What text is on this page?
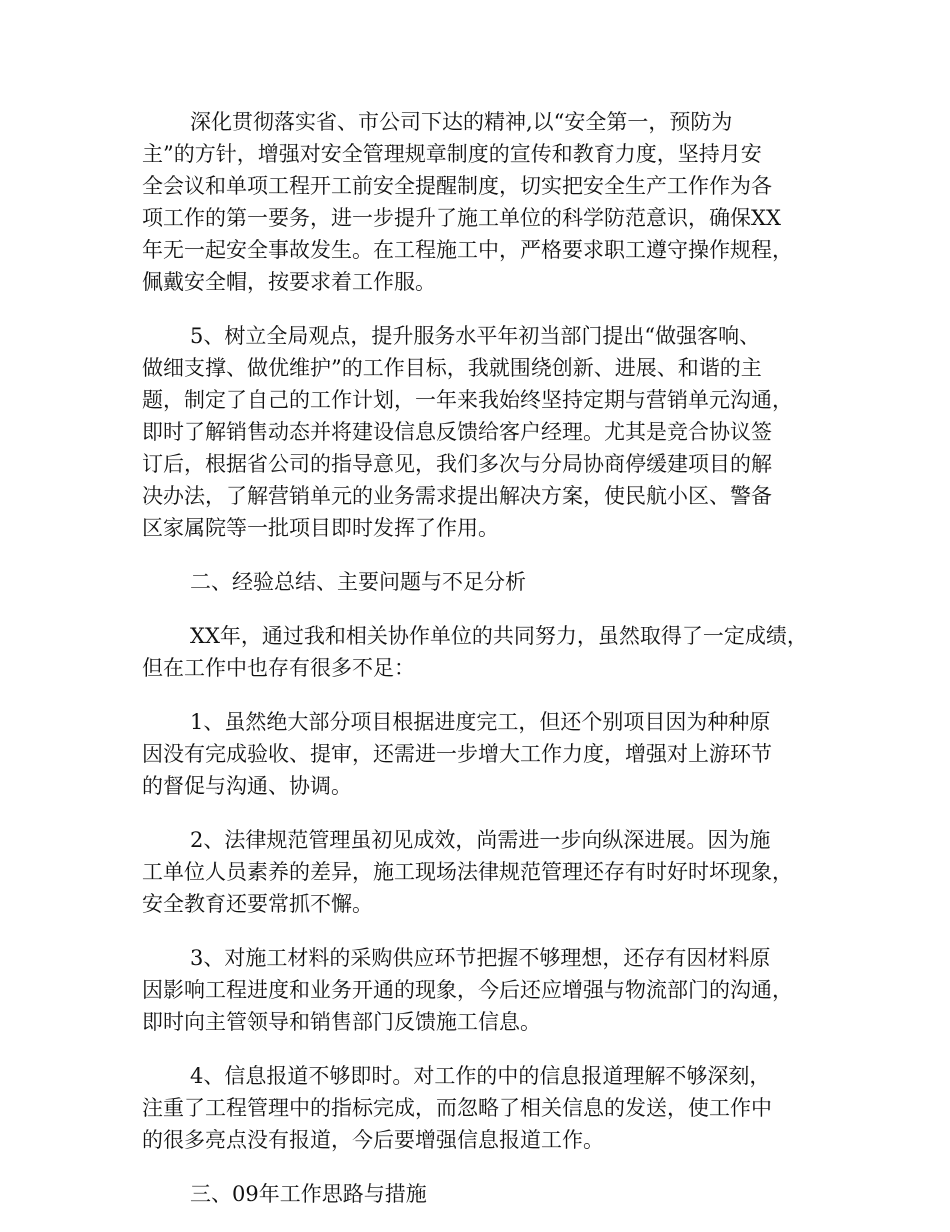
深化贯彻落实省、市公司下达的精神,以“安全第一，预防为
主”的方针，增强对安全管理规章制度的宣传和教育力度，坚持月安
全会议和单项工程开工前安全提醒制度，切实把安全生产工作作为各
项工作的第一要务，进一步提升了施工单位的科学防范意识，确保XX
年无一起安全事故发生。在工程施工中，严格要求职工遵守操作规程，
佩戴安全帽，按要求着工作服。

5、树立全局观点，提升服务水平年初当部门提出“做强客响、
做细支撑、做优维护”的工作目标，我就围绕创新、进展、和谐的主
题，制定了自己的工作计划，一年来我始终坚持定期与营销单元沟通，
即时了解销售动态并将建设信息反馈给客户经理。尤其是竞合协议签
订后，根据省公司的指导意见，我们多次与分局协商停缓建项目的解
决办法，了解营销单元的业务需求提出解决方案，使民航小区、警备
区家属院等一批项目即时发挥了作用。

二、经验总结、主要问题与不足分析

XX年，通过我和相关协作单位的共同努力，虽然取得了一定成绩，
但在工作中也存有很多不足：

1、虽然绝大部分项目根据进度完工，但还个别项目因为种种原
因没有完成验收、提审，还需进一步增大工作力度，增强对上游环节
的督促与沟通、协调。

2、法律规范管理虽初见成效，尚需进一步向纵深进展。因为施
工单位人员素养的差异，施工现场法律规范管理还存有时好时坏现象，
安全教育还要常抓不懈。

3、对施工材料的采购供应环节把握不够理想，还存有因材料原
因影响工程进度和业务开通的现象，今后还应增强与物流部门的沟通，
即时向主管领导和销售部门反馈施工信息。

4、信息报道不够即时。对工作的中的信息报道理解不够深刻，
注重了工程管理中的指标完成，而忽略了相关信息的发送，使工作中
的很多亮点没有报道，今后要增强信息报道工作。

三、09年工作思路与措施
